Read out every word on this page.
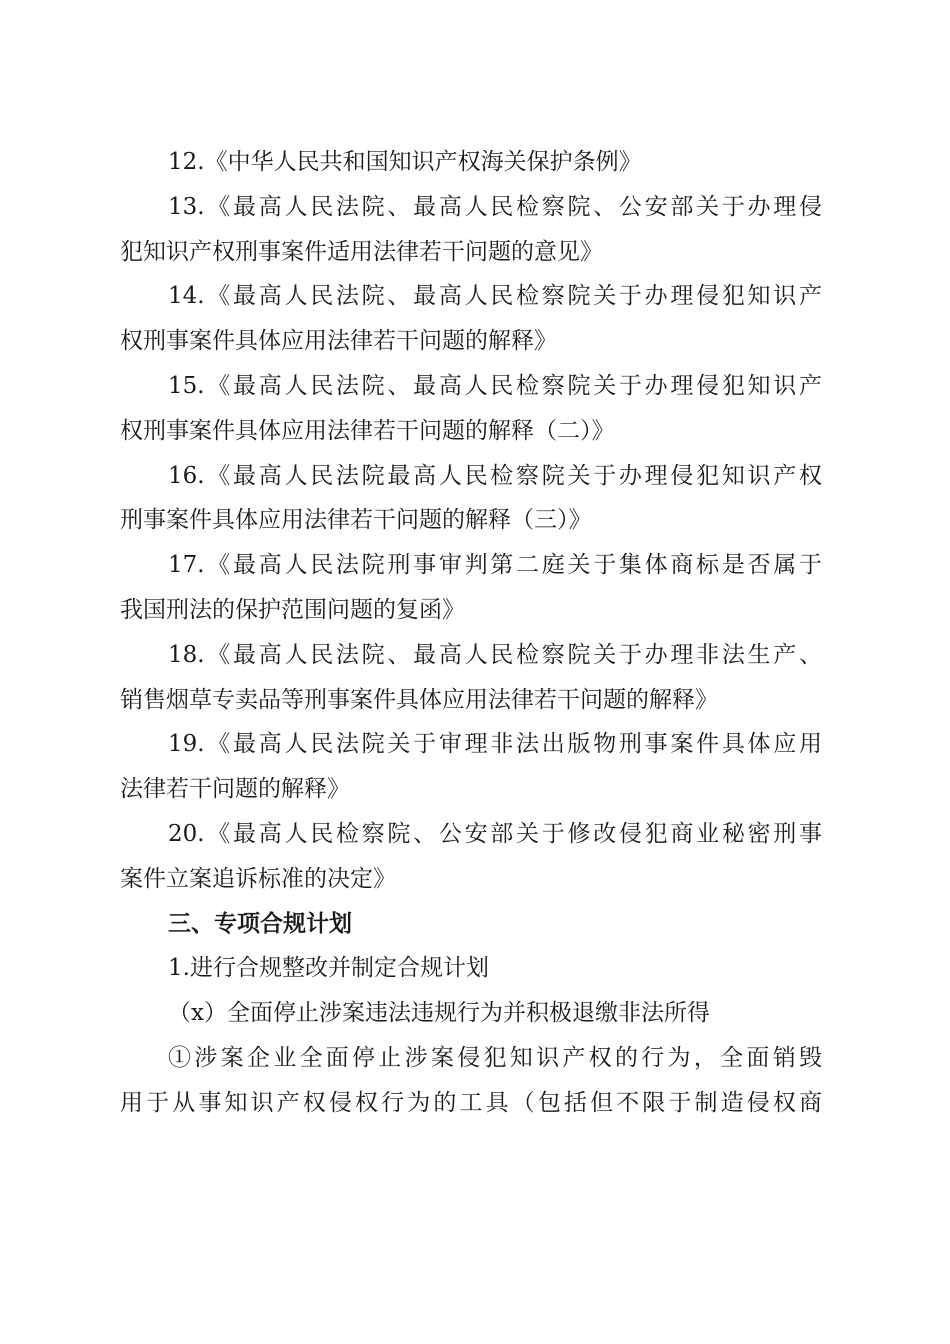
12.《中华人民共和国知识产权海关保护条例》
13.《最高人民法院、最高人民检察院、公安部关于办理侵
犯知识产权刑事案件适用法律若干问题的意见》
14.《最高人民法院、最高人民检察院关于办理侵犯知识产
权刑事案件具体应用法律若干问题的解释》
15.《最高人民法院、最高人民检察院关于办理侵犯知识产
权刑事案件具体应用法律若干问题的解释（二）》
16.《最高人民法院最高人民检察院关于办理侵犯知识产权
刑事案件具体应用法律若干问题的解释（三）》
17.《最高人民法院刑事审判第二庭关于集体商标是否属于
我国刑法的保护范围问题的复函》
18.《最高人民法院、最高人民检察院关于办理非法生产、
销售烟草专卖品等刑事案件具体应用法律若干问题的解释》
19.《最高人民法院关于审理非法出版物刑事案件具体应用
法律若干问题的解释》
20.《最高人民检察院、公安部关于修改侵犯商业秘密刑事
案件立案追诉标准的决定》
三、专项合规计划
1.进行合规整改并制定合规计划
（x）全面停止涉案违法违规行为并积极退缴非法所得
①涉案企业全面停止涉案侵犯知识产权的行为，全面销毁
用于从事知识产权侵权行为的工具（包括但不限于制造侵权商
